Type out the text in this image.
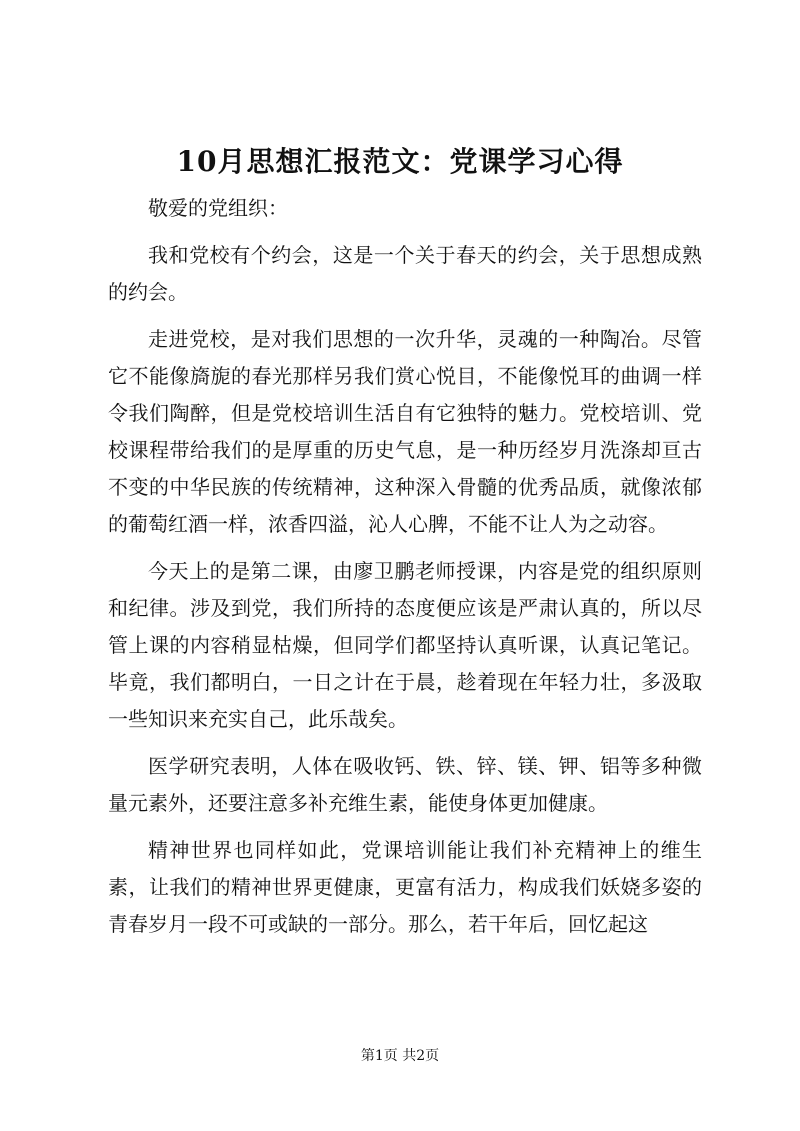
10月思想汇报范文：党课学习心得

敬爱的党组织：

我和党校有个约会，这是一个关于春天的约会，关于思想成熟的约会。

走进党校，是对我们思想的一次升华，灵魂的一种陶冶。尽管它不能像旖旎的春光那样另我们赏心悦目，不能像悦耳的曲调一样令我们陶醉，但是党校培训生活自有它独特的魅力。党校培训、党校课程带给我们的是厚重的历史气息，是一种历经岁月洗涤却亘古不变的中华民族的传统精神，这种深入骨髓的优秀品质，就像浓郁的葡萄红酒一样，浓香四溢，沁人心脾，不能不让人为之动容。

今天上的是第二课，由廖卫鹏老师授课，内容是党的组织原则和纪律。涉及到党，我们所持的态度便应该是严肃认真的，所以尽管上课的内容稍显枯燥，但同学们都坚持认真听课，认真记笔记。毕竟，我们都明白，一日之计在于晨，趁着现在年轻力壮，多汲取一些知识来充实自己，此乐哉矣。

医学研究表明，人体在吸收钙、铁、锌、镁、钾、铝等多种微量元素外，还要注意多补充维生素，能使身体更加健康。

精神世界也同样如此，党课培训能让我们补充精神上的维生素，让我们的精神世界更健康，更富有活力，构成我们妖娆多姿的青春岁月一段不可或缺的一部分。那么，若干年后，回忆起这

第1页 共2页
